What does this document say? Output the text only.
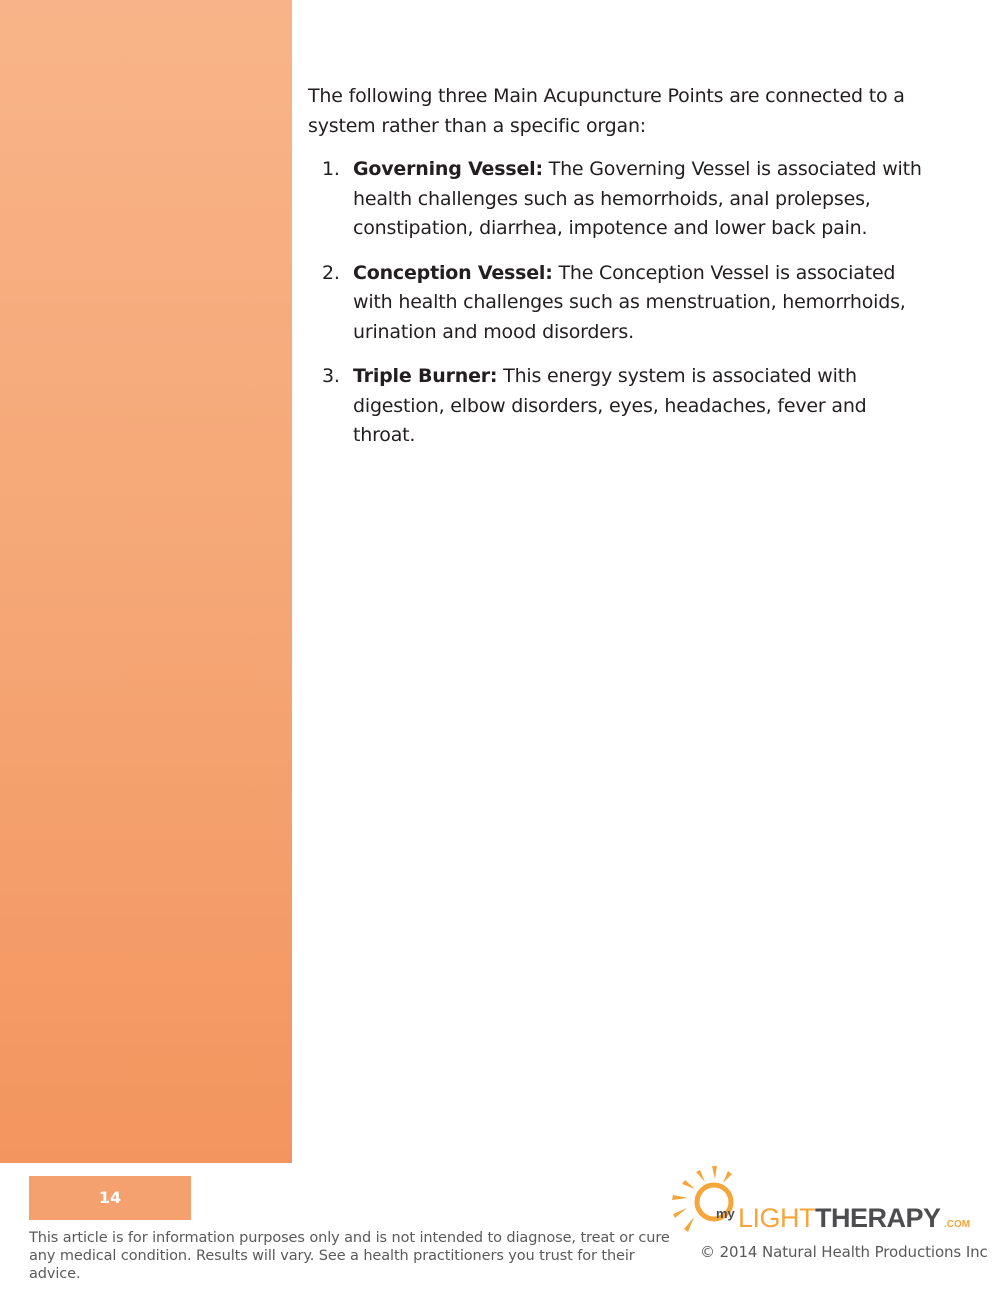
The following three Main Acupuncture Points are connected to a system rather than a specific organ:

1. Governing Vessel: The Governing Vessel is associated with health challenges such as hemorrhoids, anal prolepses, constipation, diarrhea, impotence and lower back pain.
2. Conception Vessel: The Conception Vessel is associated with health challenges such as menstruation, hemorrhoids, urination and mood disorders.
3. Triple Burner: This energy system is associated with digestion, elbow disorders, eyes, headaches, fever and throat.
14
This article is for information purposes only and is not intended to diagnose, treat or cure
any medical condition. Results will vary. See a health practitioners you trust for their advice.
my LIGHT THERAPY .COM
© 2014 Natural Health Productions Inc
